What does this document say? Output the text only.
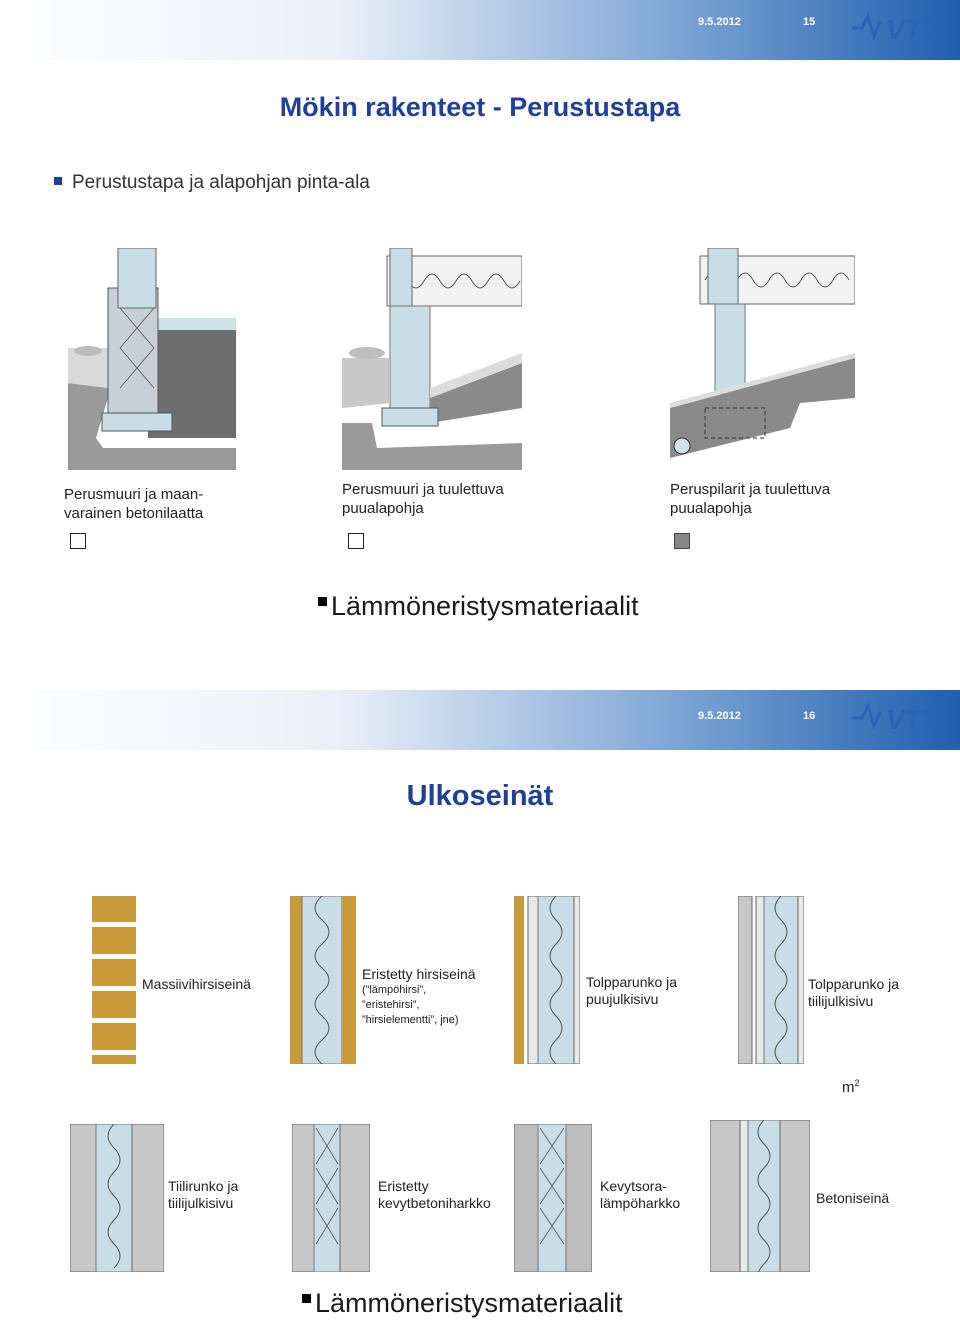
9.5.2012	15	VTT
Mökin rakenteet - Perustustapa
Perustustapa ja alapohjan pinta-ala
Perusmuuri ja maan-
varainen betonilaatta
Perusmuuri ja tuulettuva
puualapohja
Peruspilarit ja tuulettuva
puualapohja
Lämmöneristysmateriaalit
9.5.2012	16	VTT
Ulkoseinät
Massiivihirsiseinä
Eristetty hirsiseinä
(”lämpöhirsi”,
”eristehirsi”,
”hirsielementti”, jne)
Tolpparunko ja
puujulkisivu
Tolpparunko ja
tiilijulkisivu
$m^2$
Tiilirunko ja
tiilijulkisivu
Eristetty
kevytbetoniharkko
Kevytsora-
lämpöharkko	Betoniseinä
Lämmöneristysmateriaalit
